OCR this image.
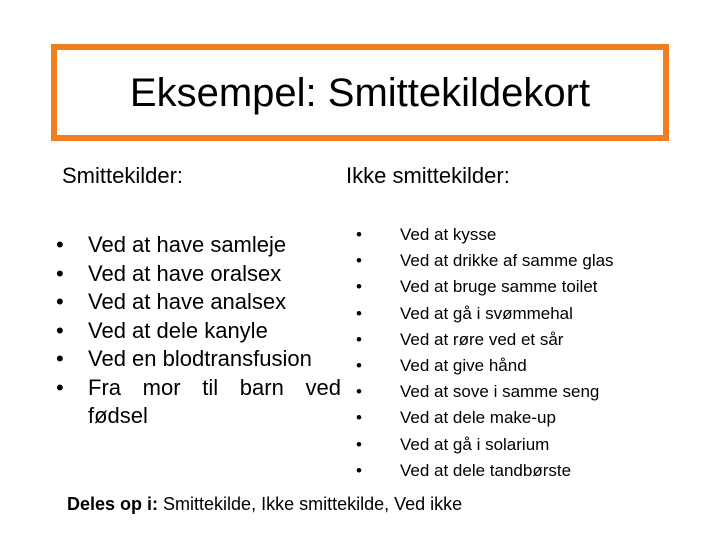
Eksempel: Smittekildekort
Smittekilder:	Ikke smittekilder:
• Ved at have samleje
• Ved at have oralsex
• Ved at have analsex
• Ved at dele kanyle
• Ved en blodtransfusion
• Fra mor til barn ved fødsel
• Ved at kysse
• Ved at drikke af samme glas
• Ved at bruge samme toilet
• Ved at gå i svømmehal
• Ved at røre ved et sår
• Ved at give hånd
• Ved at sove i samme seng
• Ved at dele make-up
• Ved at gå i solarium
• Ved at dele tandbørste
Deles op i: Smittekilde, Ikke smittekilde, Ved ikke
